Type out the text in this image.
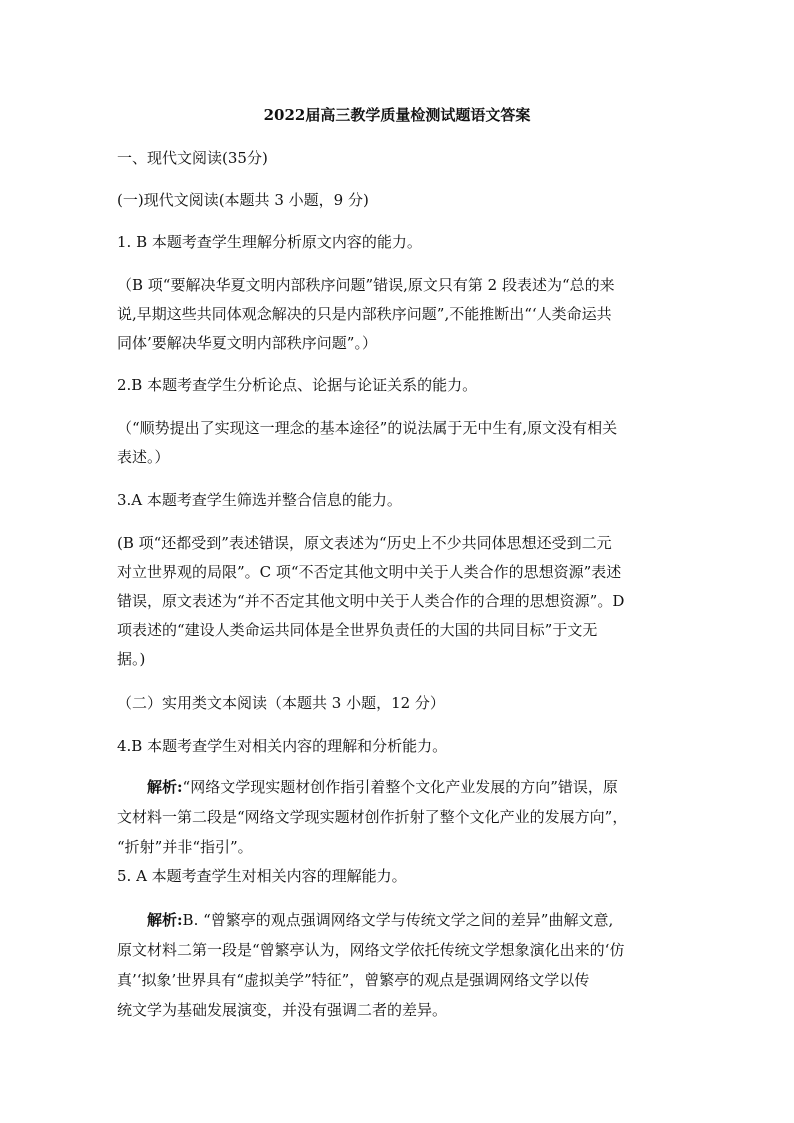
2022届高三教学质量检测试题语文答案
一、现代文阅读(35分)
(一)现代文阅读(本题共 3 小题，9 分)
1. B 本题考查学生理解分析原文内容的能力。
（B 项“要解决华夏文明内部秩序问题”错误,原文只有第 2 段表述为“总的来
说,早期这些共同体观念解决的只是内部秩序问题”,不能推断出“‘人类命运共
同体’要解决华夏文明内部秩序问题”。）
2.B 本题考查学生分析论点、论据与论证关系的能力。
（“顺势提出了实现这一理念的基本途径”的说法属于无中生有,原文没有相关
表述。）
3.A 本题考查学生筛选并整合信息的能力。
(B 项“还都受到”表述错误，原文表述为“历史上不少共同体思想还受到二元
对立世界观的局限”。C 项“不否定其他文明中关于人类合作的思想资源”表述
错误，原文表述为“并不否定其他文明中关于人类合作的合理的思想资源”。D
项表述的“建设人类命运共同体是全世界负责任的大国的共同目标”于文无
据。)
（二）实用类文本阅读（本题共 3 小题，12 分）
4.B 本题考查学生对相关内容的理解和分析能力。
解析:“网络文学现实题材创作指引着整个文化产业发展的方向”错误，原
文材料一第二段是“网络文学现实题材创作折射了整个文化产业的发展方向”，
“折射”并非“指引”。
5. A 本题考查学生对相关内容的理解能力。
解析:B. “曾繁亭的观点强调网络文学与传统文学之间的差异”曲解文意,
原文材料二第一段是“曾繁亭认为，网络文学依托传统文学想象演化出来的‘仿
真’‘拟象’世界具有“虚拟美学”特征”，曾繁亭的观点是强调网络文学以传
统文学为基础发展演变，并没有强调二者的差异。
